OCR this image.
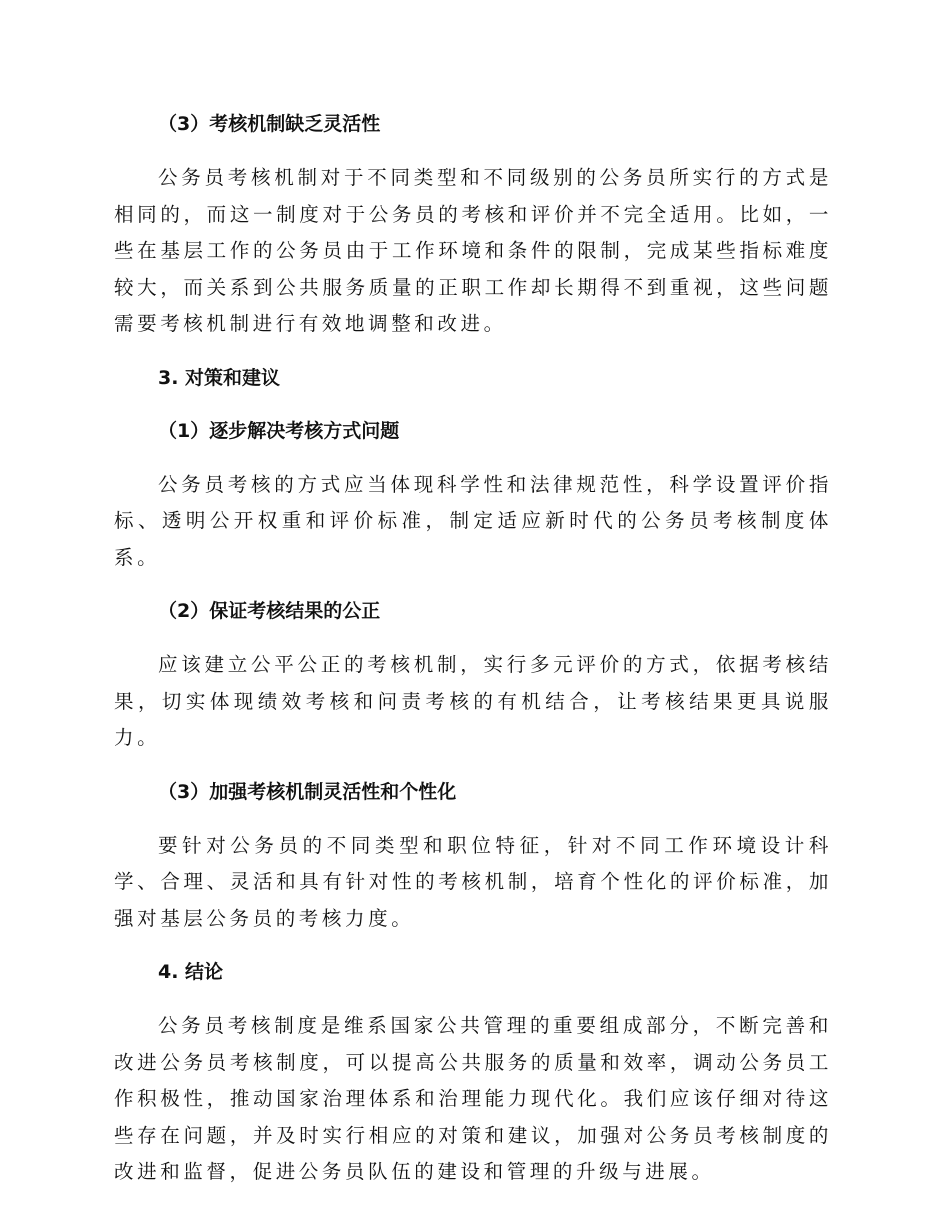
（3）考核机制缺乏灵活性

公务员考核机制对于不同类型和不同级别的公务员所实行的方式是相同的，而这一制度对于公务员的考核和评价并不完全适用。比如，一些在基层工作的公务员由于工作环境和条件的限制，完成某些指标难度较大，而关系到公共服务质量的正职工作却长期得不到重视，这些问题需要考核机制进行有效地调整和改进。

3. 对策和建议
（1）逐步解决考核方式问题

公务员考核的方式应当体现科学性和法律规范性，科学设置评价指标、透明公开权重和评价标准，制定适应新时代的公务员考核制度体系。

（2）保证考核结果的公正

应该建立公平公正的考核机制，实行多元评价的方式，依据考核结果，切实体现绩效考核和问责考核的有机结合，让考核结果更具说服力。

（3）加强考核机制灵活性和个性化

要针对公务员的不同类型和职位特征，针对不同工作环境设计科学、合理、灵活和具有针对性的考核机制，培育个性化的评价标准，加强对基层公务员的考核力度。

4. 结论

公务员考核制度是维系国家公共管理的重要组成部分，不断完善和改进公务员考核制度，可以提高公共服务的质量和效率，调动公务员工作积极性，推动国家治理体系和治理能力现代化。我们应该仔细对待这些存在问题，并及时实行相应的对策和建议，加强对公务员考核制度的改进和监督，促进公务员队伍的建设和管理的升级与进展。
